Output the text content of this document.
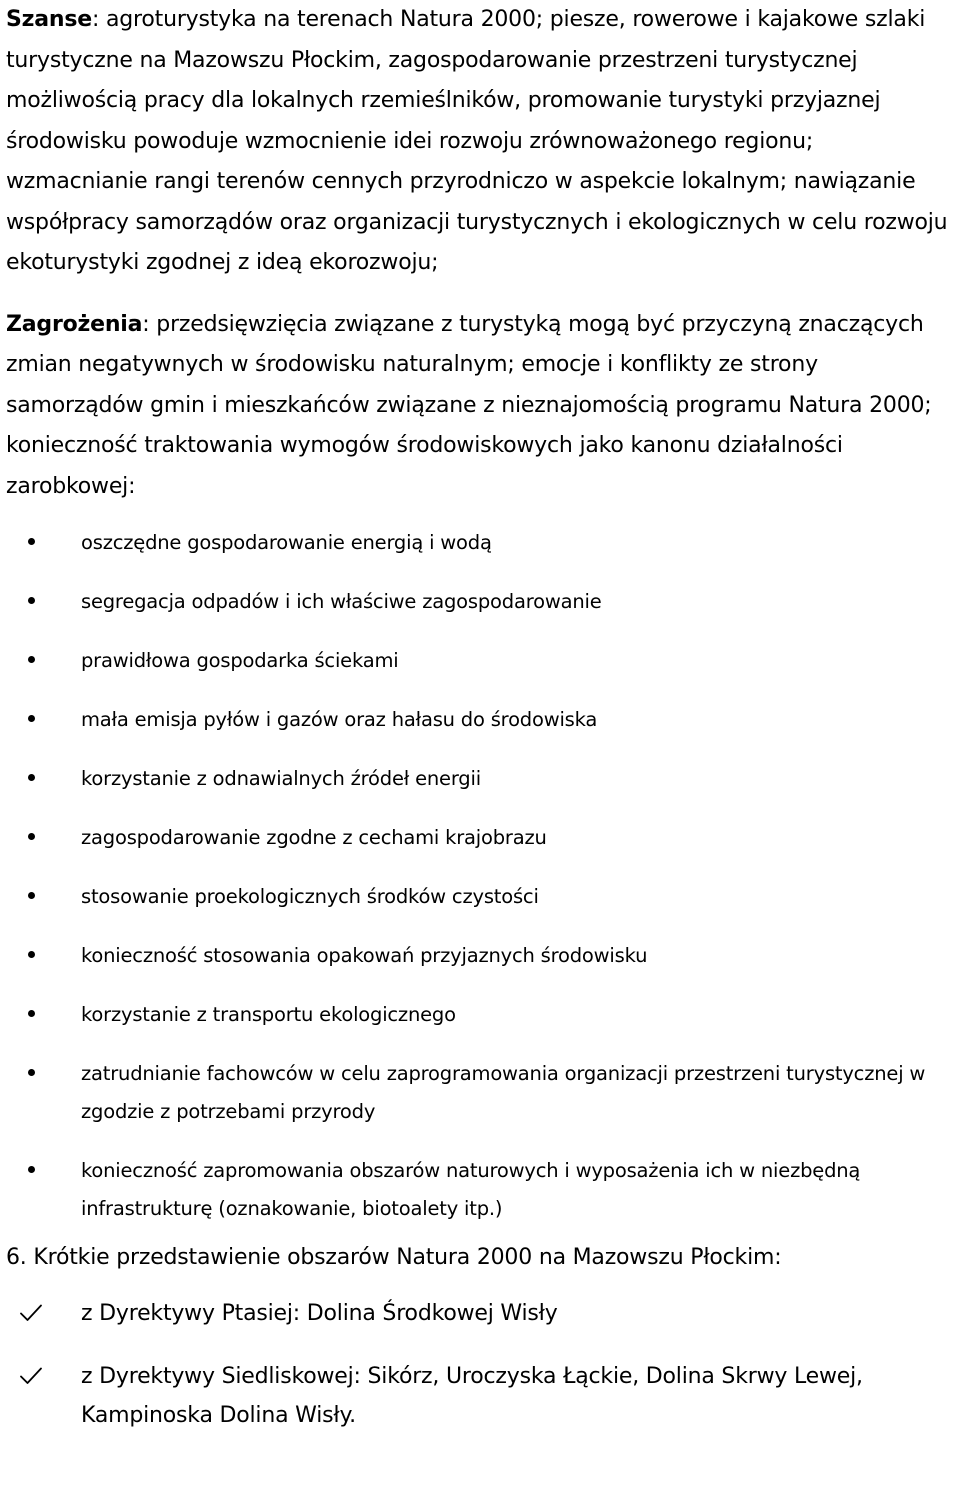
Szanse: agroturystyka na terenach Natura 2000; piesze, rowerowe i kajakowe szlaki turystyczne na Mazowszu Płockim, zagospodarowanie przestrzeni turystycznej możliwością pracy dla lokalnych rzemieślników, promowanie turystyki przyjaznej środowisku powoduje wzmocnienie idei rozwoju zrównoważonego regionu; wzmacnianie rangi terenów cennych przyrodniczo w aspekcie lokalnym; nawiązanie współpracy samorządów oraz organizacji turystycznych i ekologicznych w celu rozwoju ekoturystyki zgodnej z ideą ekorozwoju;

Zagrożenia: przedsięwzięcia związane z turystyką mogą być przyczyną znaczących zmian negatywnych w środowisku naturalnym; emocje i konflikty ze strony samorządów gmin i mieszkańców związane z nieznajomością programu Natura 2000; konieczność traktowania wymogów środowiskowych jako kanonu działalności zarobkowej:

oszczędne gospodarowanie energią i wodą
segregacja odpadów i ich właściwe zagospodarowanie
prawidłowa gospodarka ściekami
mała emisja pyłów i gazów oraz hałasu do środowiska
korzystanie z odnawialnych źródeł energii
zagospodarowanie zgodne z cechami krajobrazu
stosowanie proekologicznych środków czystości
konieczność stosowania opakowań przyjaznych środowisku
korzystanie z transportu ekologicznego
zatrudnianie fachowców w celu zaprogramowania organizacji przestrzeni turystycznej w zgodzie z potrzebami przyrody
konieczność zapromowania obszarów naturowych i wyposażenia ich w niezbędną infrastrukturę (oznakowanie, biotoalety itp.)

6. Krótkie przedstawienie obszarów Natura 2000 na Mazowszu Płockim:

z Dyrektywy Ptasiej: Dolina Środkowej Wisły
z Dyrektywy Siedliskowej: Sikórz, Uroczyska Łąckie, Dolina Skrwy Lewej, Kampinoska Dolina Wisły.
